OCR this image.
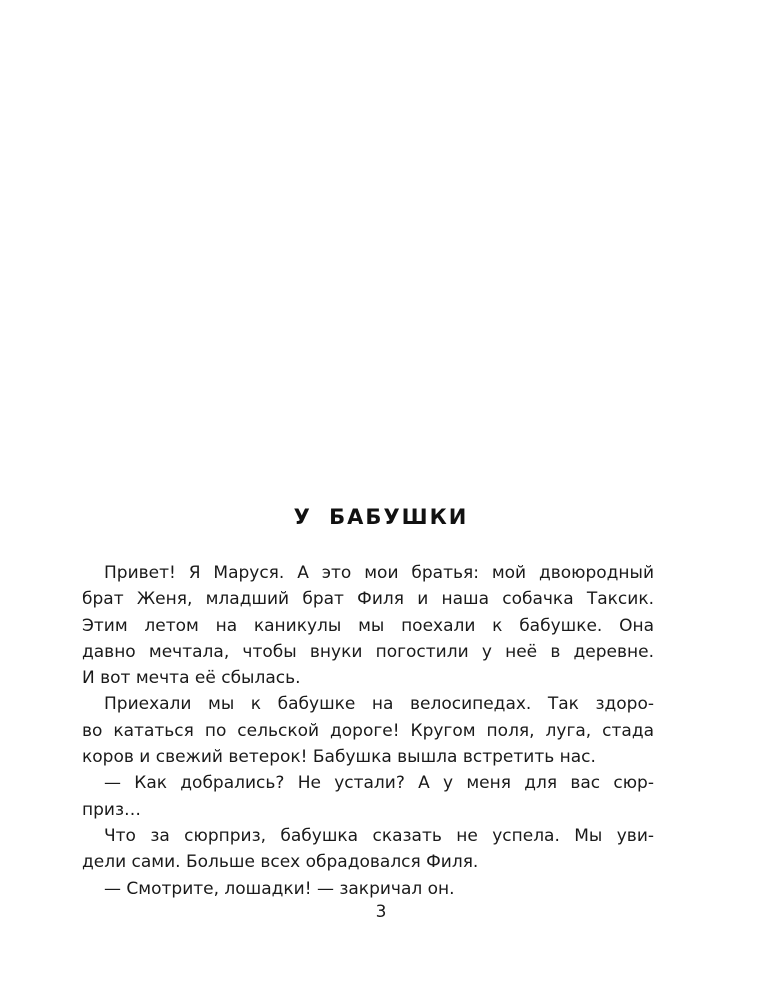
У БАБУШКИ

Привет! Я Маруся. А это мои братья: мой двоюродный
брат Женя, младший брат Филя и наша собачка Таксик.
Этим летом на каникулы мы поехали к бабушке. Она
давно мечтала, чтобы внуки погостили у неё в деревне.
И вот мечта её сбылась.

Приехали мы к бабушке на велосипедах. Так здоро-
во кататься по сельской дороге! Кругом поля, луга, стада
коров и свежий ветерок! Бабушка вышла встретить нас.

— Как добрались? Не устали? А у меня для вас сюр-
приз…

Что за сюрприз, бабушка сказать не успела. Мы уви-
дели сами. Больше всех обрадовался Филя.

— Смотрите, лошадки! — закричал он.

3
